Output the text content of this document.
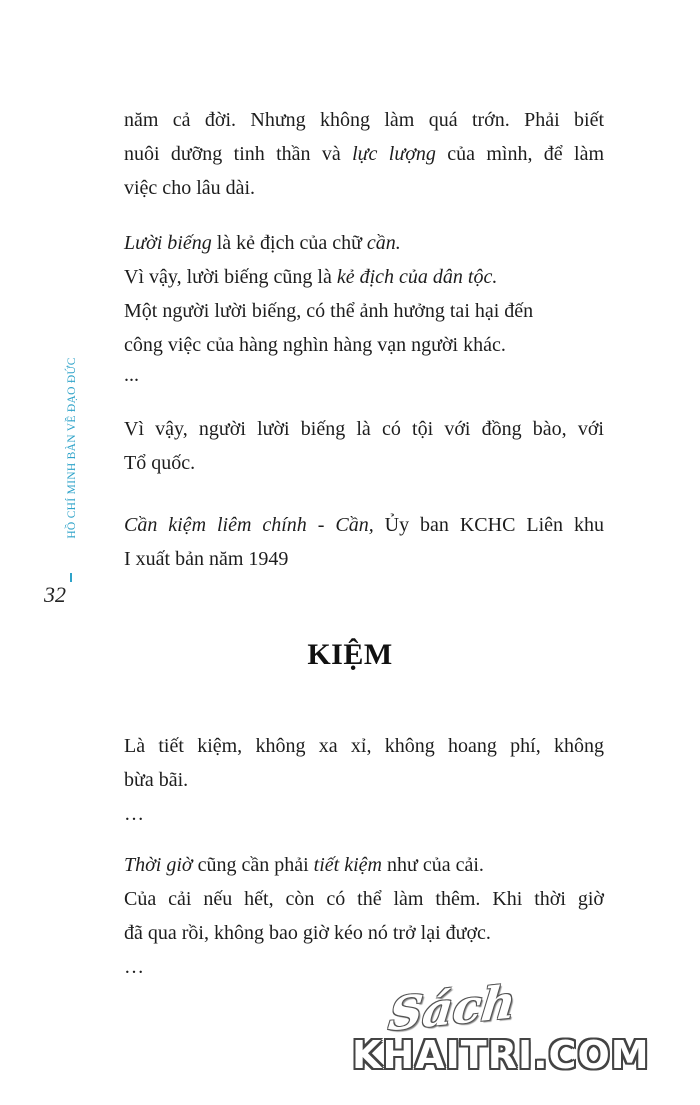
HỒ CHÍ MINH BÀN VỀ ĐẠO ĐỨC
32
năm cả đời. Nhưng không làm quá trớn. Phải biết
nuôi dưỡng tinh thần và lực lượng của mình, để làm
việc cho lâu dài.
Lười biếng là kẻ địch của chữ cần.
Vì vậy, lười biếng cũng là kẻ địch của dân tộc.
Một người lười biếng, có thể ảnh hưởng tai hại đến
công việc của hàng nghìn hàng vạn người khác.
...
Vì vậy, người lười biếng là có tội với đồng bào, với
Tổ quốc.
Cần kiệm liêm chính - Cần, Ủy ban KCHC Liên khu
I xuất bản năm 1949
KIỆM
Là tiết kiệm, không xa xỉ, không hoang phí, không
bừa bãi.
…
Thời giờ cũng cần phải tiết kiệm như của cải.
Của cải nếu hết, còn có thể làm thêm. Khi thời giờ
đã qua rồi, không bao giờ kéo nó trở lại được.
…
Sách
KHAITRI.COM
